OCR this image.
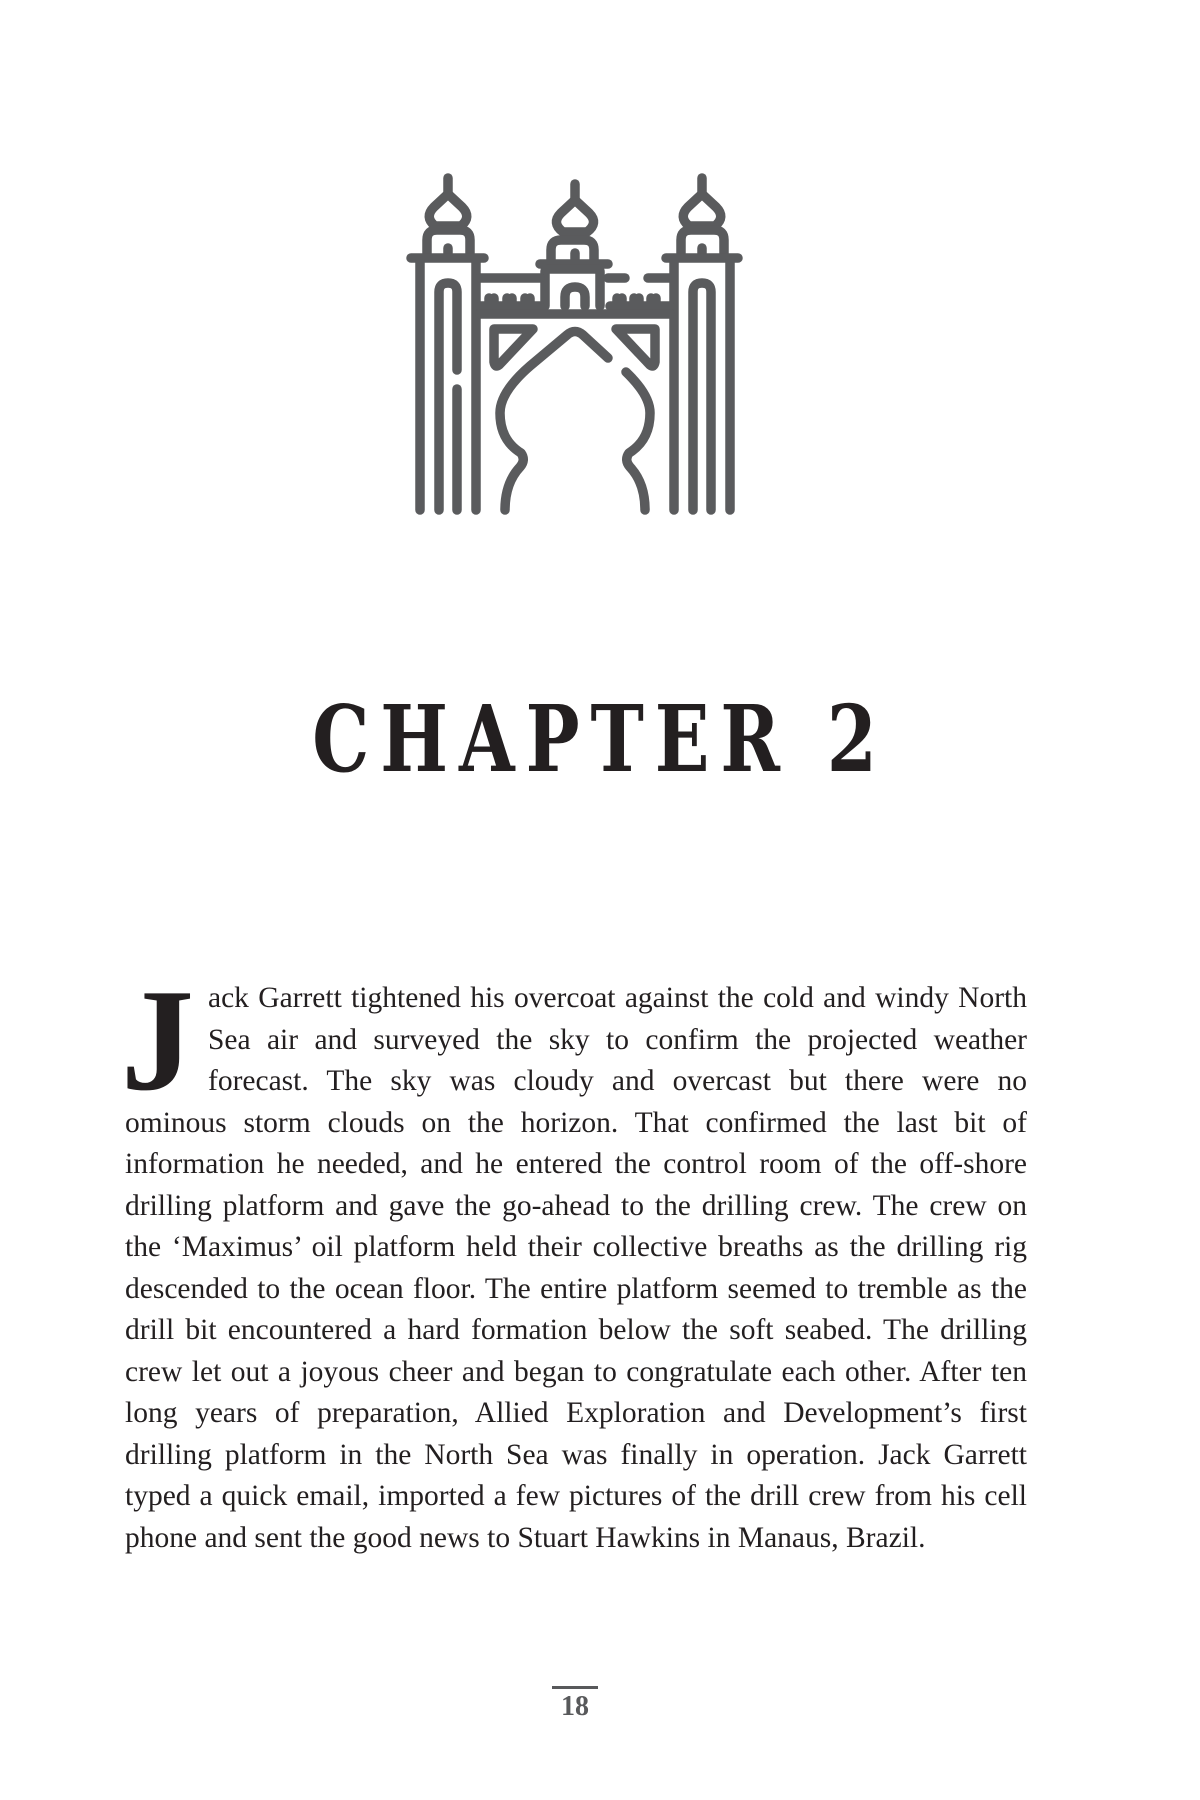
CHAPTER 2
Jack Garrett tightened his overcoat against the cold and windy North Sea air and surveyed the sky to confirm the projected weather forecast. The sky was cloudy and overcast but there were no ominous storm clouds on the horizon. That confirmed the last bit of information he needed, and he entered the control room of the off-shore drilling platform and gave the go-ahead to the drilling crew. The crew on the ‘Maximus’ oil platform held their collective breaths as the drilling rig descended to the ocean floor. The entire platform seemed to tremble as the drill bit encountered a hard formation below the soft seabed. The drilling crew let out a joyous cheer and began to congratulate each other. After ten long years of preparation, Allied Exploration and Development’s first drilling platform in the North Sea was finally in operation. Jack Garrett typed a quick email, imported a few pictures of the drill crew from his cell phone and sent the good news to Stuart Hawkins in Manaus, Brazil.
18
